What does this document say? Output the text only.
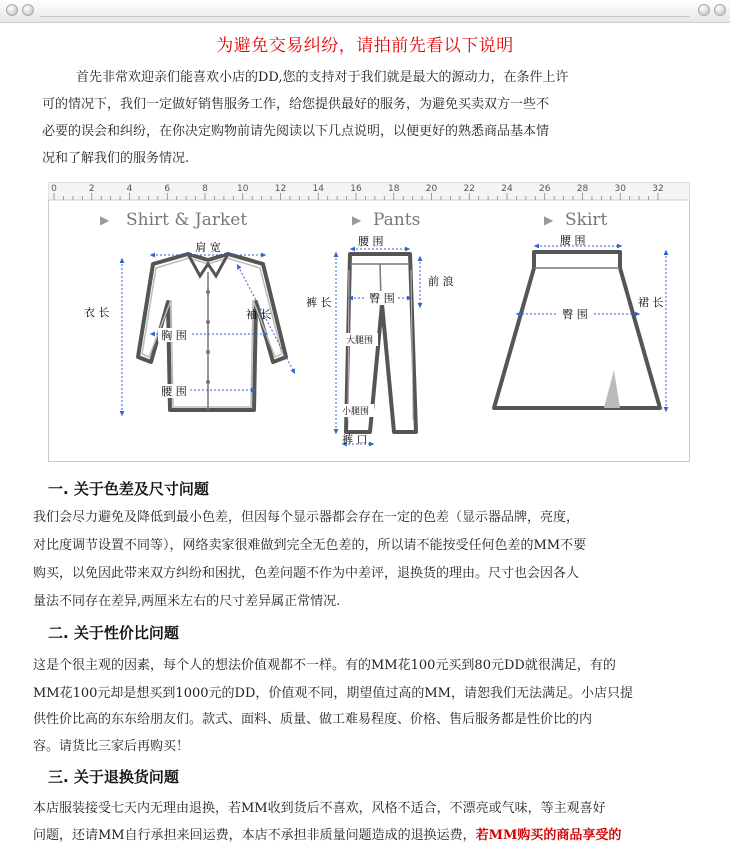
为避免交易纠纷，请拍前先看以下说明

首先非常欢迎亲们能喜欢小店的DD,您的支持对于我们就是最大的源动力，在条件上许

可的情况下，我们一定做好销售服务工作，给您提供最好的服务，为避免买卖双方一些不

必要的误会和纠纷，在你决定购物前请先阅读以下几点说明，以便更好的熟悉商品基本情

况和了解我们的服务情况.

0	2	4	6	8	10	12	14	16	18	20	22	24	26	28	30	32
▶ Shirt & Jarket
肩 宽
衣 长	袖 长
胸 围
腰 围
▶ Pants
腰 围
前 浪
裤 长	臀 围
大腿围
小腿围
裤 口
▶ Skirt
腰 围
裙 长
臀 围
一. 关于色差及尺寸问题

我们会尽力避免及降低到最小色差，但因每个显示器都会存在一定的色差（显示器品牌，亮度，

对比度调节设置不同等），网络卖家很难做到完全无色差的，所以请不能按受任何色差的MM不要

购买，以免因此带来双方纠纷和困扰，色差问题不作为中差评，退换货的理由。尺寸也会因各人

量法不同存在差异,两厘米左右的尺寸差异属正常情况.

二. 关于性价比问题

这是个很主观的因素，每个人的想法价值观都不一样。有的MM花100元买到80元DD就很满足，有的

MM花100元却是想买到1000元的DD，价值观不同，期望值过高的MM，请恕我们无法满足。小店只提

供性价比高的东东给朋友们。款式、面料、质量、做工难易程度、价格、售后服务都是性价比的内

容。请货比三家后再购买！

三. 关于退换货问题

本店服装接受七天内无理由退换，若MM收到货后不喜欢，风格不适合，不漂亮或气味，等主观喜好

问题，还请MM自行承担来回运费，本店不承担非质量问题造成的退换运费，若MM购买的商品享受的
